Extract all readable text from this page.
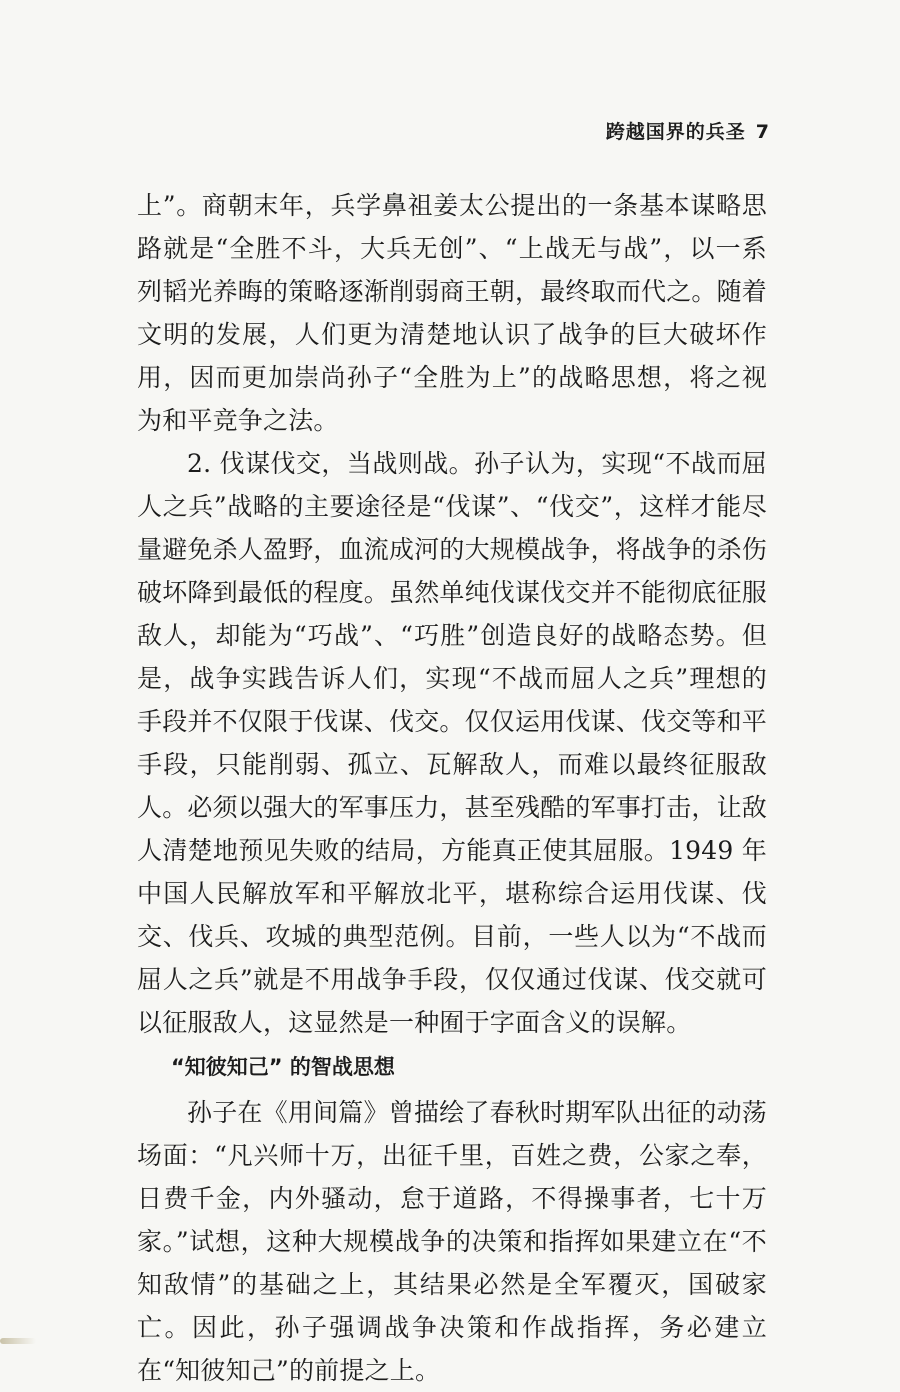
跨越国界的兵圣 7

上”。商朝末年，兵学鼻祖姜太公提出的一条基本谋略思路就是“全胜不斗，大兵无创”、“上战无与战”，以一系列韬光养晦的策略逐渐削弱商王朝，最终取而代之。随着文明的发展，人们更为清楚地认识了战争的巨大破坏作用，因而更加崇尚孙子“全胜为上”的战略思想，将之视为和平竞争之法。

2. 伐谋伐交，当战则战。孙子认为，实现“不战而屈人之兵”战略的主要途径是“伐谋”、“伐交”，这样才能尽量避免杀人盈野，血流成河的大规模战争，将战争的杀伤破坏降到最低的程度。虽然单纯伐谋伐交并不能彻底征服敌人，却能为“巧战”、“巧胜”创造良好的战略态势。但是，战争实践告诉人们，实现“不战而屈人之兵”理想的手段并不仅限于伐谋、伐交。仅仅运用伐谋、伐交等和平手段，只能削弱、孤立、瓦解敌人，而难以最终征服敌人。必须以强大的军事压力，甚至残酷的军事打击，让敌人清楚地预见失败的结局，方能真正使其屈服。1949 年中国人民解放军和平解放北平，堪称综合运用伐谋、伐交、伐兵、攻城的典型范例。目前，一些人以为“不战而屈人之兵”就是不用战争手段，仅仅通过伐谋、伐交就可以征服敌人，这显然是一种囿于字面含义的误解。

“知彼知己” 的智战思想

孙子在《用间篇》曾描绘了春秋时期军队出征的动荡场面：“凡兴师十万，出征千里，百姓之费，公家之奉，日费千金，内外骚动，怠于道路，不得操事者，七十万家。”试想，这种大规模战争的决策和指挥如果建立在“不知敌情”的基础之上，其结果必然是全军覆灭，国破家亡。因此，孙子强调战争决策和作战指挥，务必建立在“知彼知己”的前提之上。
